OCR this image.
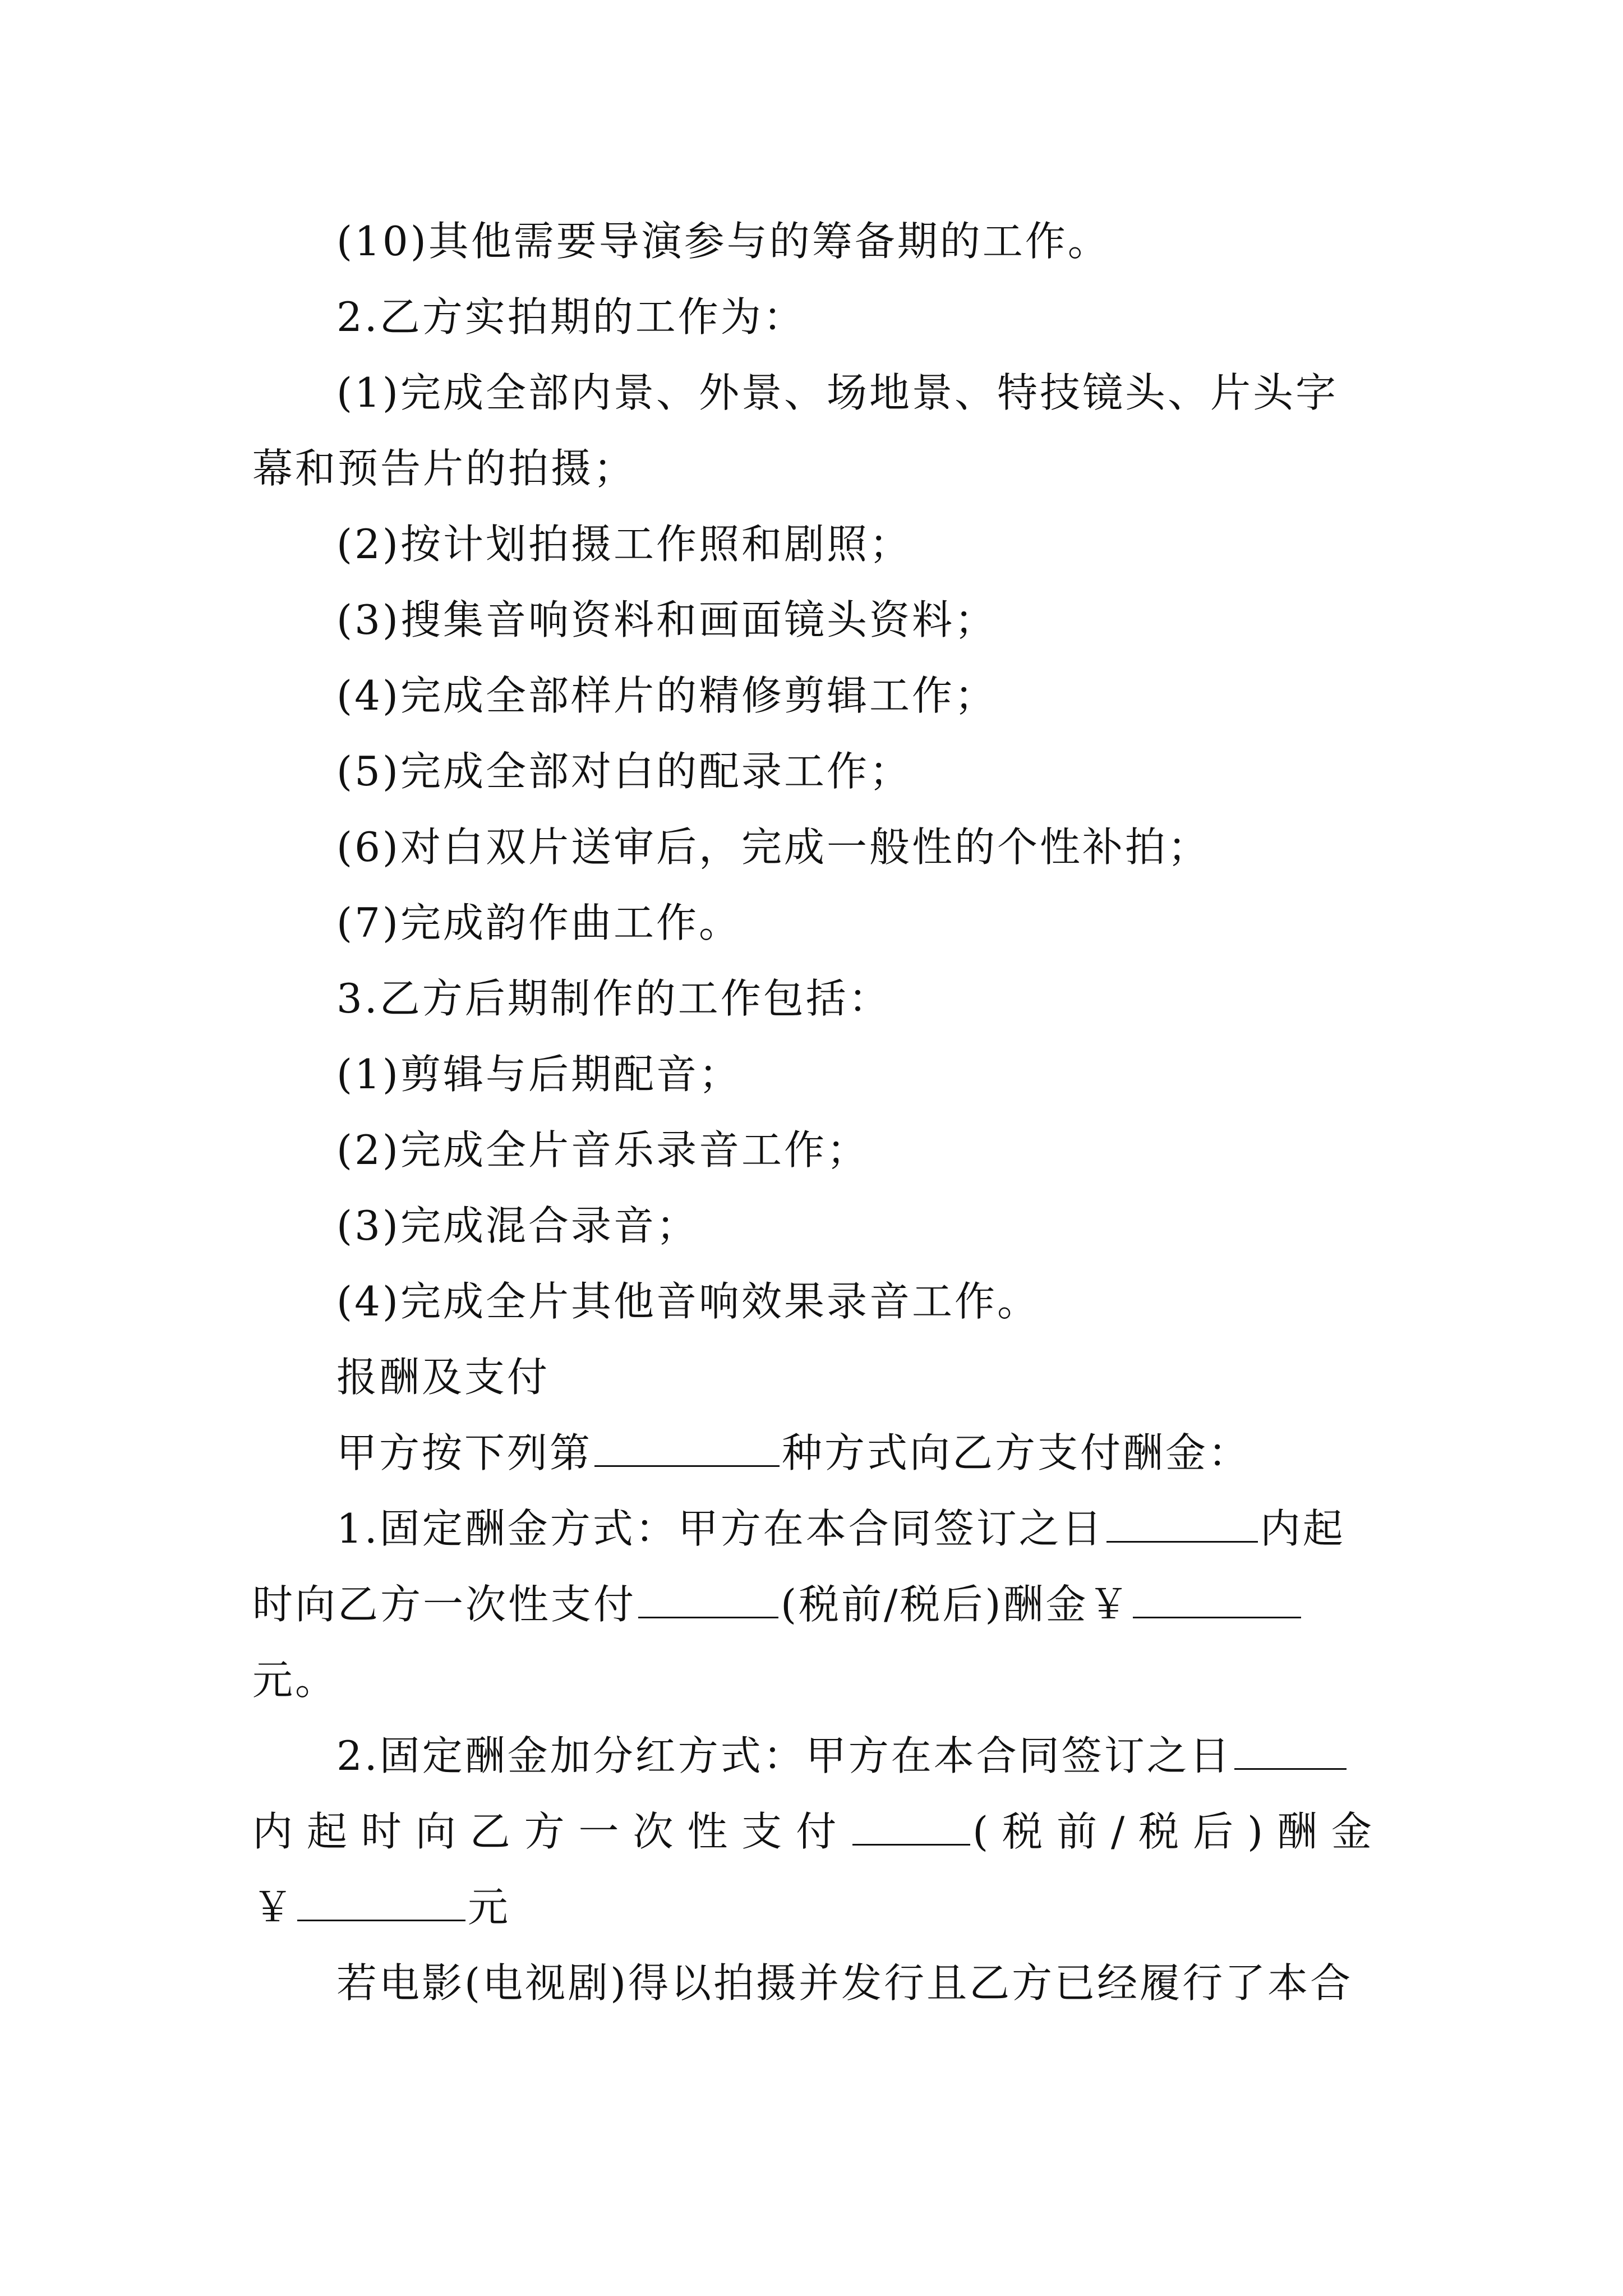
(10)其他需要导演参与的筹备期的工作。
2.乙方实拍期的工作为：
(1)完成全部内景、外景、场地景、特技镜头、片头字
幕和预告片的拍摄；
(2)按计划拍摄工作照和剧照；
(3)搜集音响资料和画面镜头资料；
(4)完成全部样片的精修剪辑工作；
(5)完成全部对白的配录工作；
(6)对白双片送审后，完成一般性的个性补拍；
(7)完成韵作曲工作。
3.乙方后期制作的工作包括：
(1)剪辑与后期配音；
(2)完成全片音乐录音工作；
(3)完成混合录音；
(4)完成全片其他音响效果录音工作。
报酬及支付
甲方按下列第	种方式向乙方支付酬金：
1.固定酬金方式：甲方在本合同签订之日	内起
时向乙方一次性支付	(税前/税后)酬金￥
元。
2.固定酬金加分红方式：甲方在本合同签订之日
内起时向乙方一次性支付	(税前/税后)酬金
￥	元
若电影(电视剧)得以拍摄并发行且乙方已经履行了本合
